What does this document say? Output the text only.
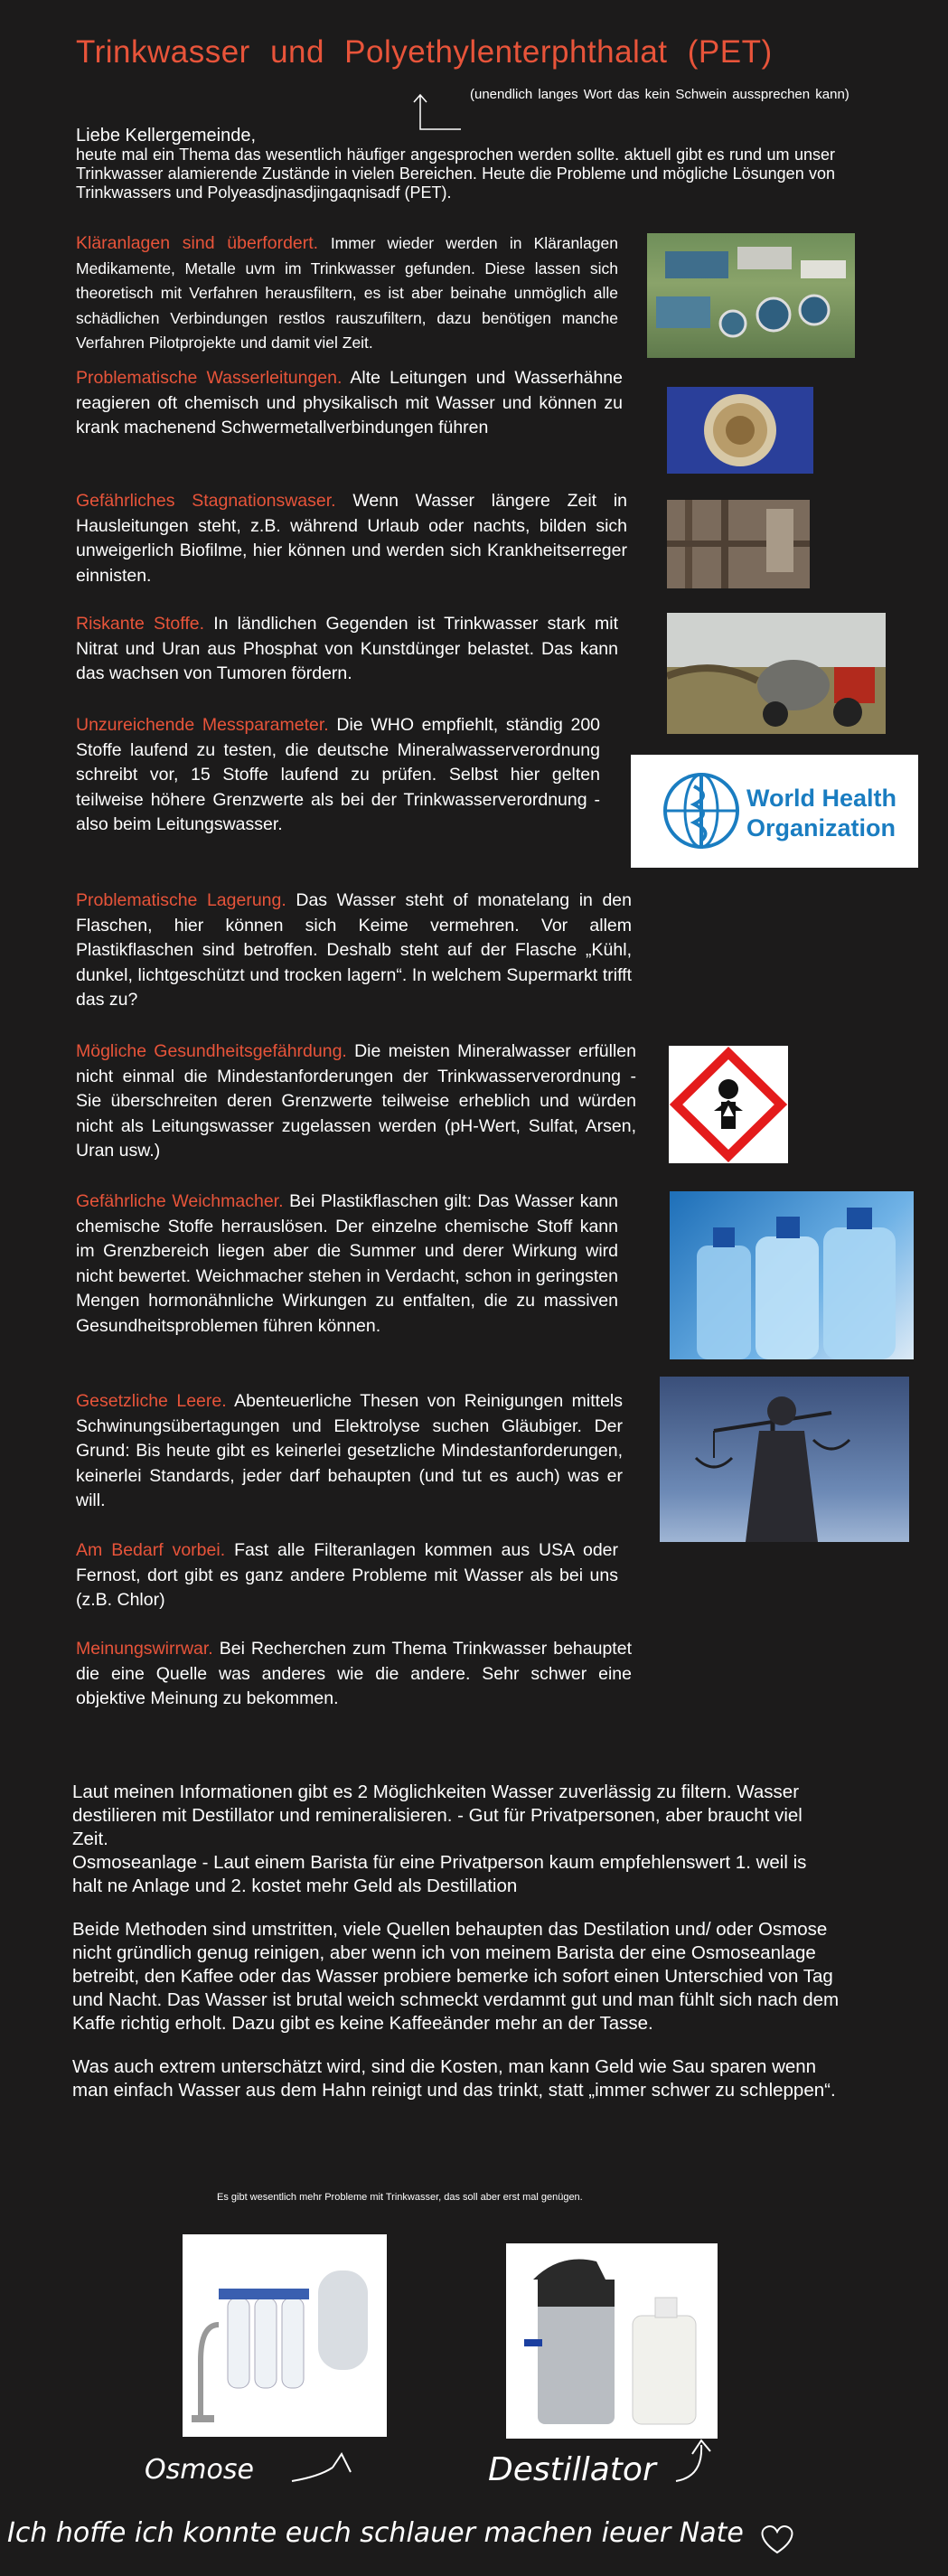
Trinkwasser und Polyethylenterphthalat (PET)
(unendlich langes Wort das kein Schwein aussprechen kann)
Liebe Kellergemeinde,
heute mal ein Thema das wesentlich häufiger angesprochen werden sollte. aktuell gibt es rund um unser Trinkwasser alamierende Zustände in vielen Bereichen. Heute die Probleme und mögliche Lösungen von Trinkwassers und Polyeasdjnasdjingaqnisadf (PET).
Kläranlagen sind überfordert. Immer wieder werden in Kläranlagen Medikamente, Metalle uvm im Trinkwasser gefunden. Diese lassen sich theoretisch mit Verfahren herausfiltern, es ist aber beinahe unmöglich alle schädlichen Verbindungen restlos rauszufiltern, dazu benötigen manche Verfahren Pilotprojekte und damit viel Zeit.
Problematische Wasserleitungen. Alte Leitungen und Wasserhähne reagieren oft chemisch und physikalisch mit Wasser und können zu krank machenend Schwermetallverbindungen führen
Gefährliches Stagnationswaser. Wenn Wasser längere Zeit in Hausleitungen steht, z.B. während Urlaub oder nachts, bilden sich unweigerlich Biofilme, hier können und werden sich Krankheitserreger einnisten.
Riskante Stoffe. In ländlichen Gegenden ist Trinkwasser stark mit Nitrat und Uran aus Phosphat von Kunstdünger belastet. Das kann das wachsen von Tumoren fördern.
Unzureichende Messparameter. Die WHO empfiehlt, ständig 200 Stoffe laufend zu testen, die deutsche Mineralwasserverordnung schreibt vor, 15 Stoffe laufend zu prüfen. Selbst hier gelten teilweise höhere Grenzwerte als bei der Trinkwasserverordnung - also beim Leitungswasser.
Problematische Lagerung. Das Wasser steht of monatelang in den Flaschen, hier können sich Keime vermehren. Vor allem Plastikflaschen sind betroffen. Deshalb steht auf der Flasche „Kühl, dunkel, lichtgeschützt und trocken lagern“. In welchem Supermarkt trifft das zu?
Mögliche Gesundheitsgefährdung. Die meisten Mineralwasser erfüllen nicht einmal die Mindestanforderungen der Trinkwasserverordnung - Sie überschreiten deren Grenzwerte teilweise erheblich und würden nicht als Leitungswasser zugelassen werden (pH-Wert, Sulfat, Arsen, Uran usw.)
Gefährliche Weichmacher. Bei Plastikflaschen gilt: Das Wasser kann chemische Stoffe herrauslösen. Der einzelne chemische Stoff kann im Grenzbereich liegen aber die Summer und derer Wirkung wird nicht bewertet. Weichmacher stehen in Verdacht, schon in geringsten Mengen hormonähnliche Wirkungen zu entfalten, die zu massiven Gesundheitsproblemen führen können.
Gesetzliche Leere. Abenteuerliche Thesen von Reinigungen mittels Schwinungsübertagungen und Elektrolyse suchen Gläubiger. Der Grund: Bis heute gibt es keinerlei gesetzliche Mindestanforderungen, keinerlei Standards, jeder darf behaupten (und tut es auch) was er will.
Am Bedarf vorbei. Fast alle Filteranlagen kommen aus USA oder Fernost, dort gibt es ganz andere Probleme mit Wasser als bei uns (z.B. Chlor)
Meinungswirrwar. Bei Recherchen zum Thema Trinkwasser behauptet die eine Quelle was anderes wie die andere. Sehr schwer eine objektive Meinung zu bekommen.
World Health
Organization
Laut meinen Informationen gibt es 2 Möglichkeiten Wasser zuverlässig zu filtern. Wasser destilieren mit Destillator und remineralisieren. - Gut für Privatpersonen, aber braucht viel Zeit.
Osmoseanlage - Laut einem Barista für eine Privatperson kaum empfehlenswert 1. weil is halt ne Anlage und 2. kostet mehr Geld als Destillation
Beide Methoden sind umstritten, viele Quellen behaupten das Destilation und/ oder Osmose nicht gründlich genug reinigen, aber wenn ich von meinem Barista der eine Osmoseanlage betreibt, den Kaffee oder das Wasser probiere bemerke ich sofort einen Unterschied von Tag und Nacht. Das Wasser ist brutal weich schmeckt verdammt gut und man fühlt sich nach dem Kaffe richtig erholt. Dazu gibt es keine Kaffeeänder mehr an der Tasse.
Was auch extrem unterschätzt wird, sind die Kosten, man kann Geld wie Sau sparen wenn man einfach Wasser aus dem Hahn reinigt und das trinkt, statt „immer schwer zu schleppen“.
Es gibt wesentlich mehr Probleme mit Trinkwasser, das soll aber erst mal genügen.
Osmose	Destillator
Ich hoffe ich konnte euch schlauer machen ieuer Nate
